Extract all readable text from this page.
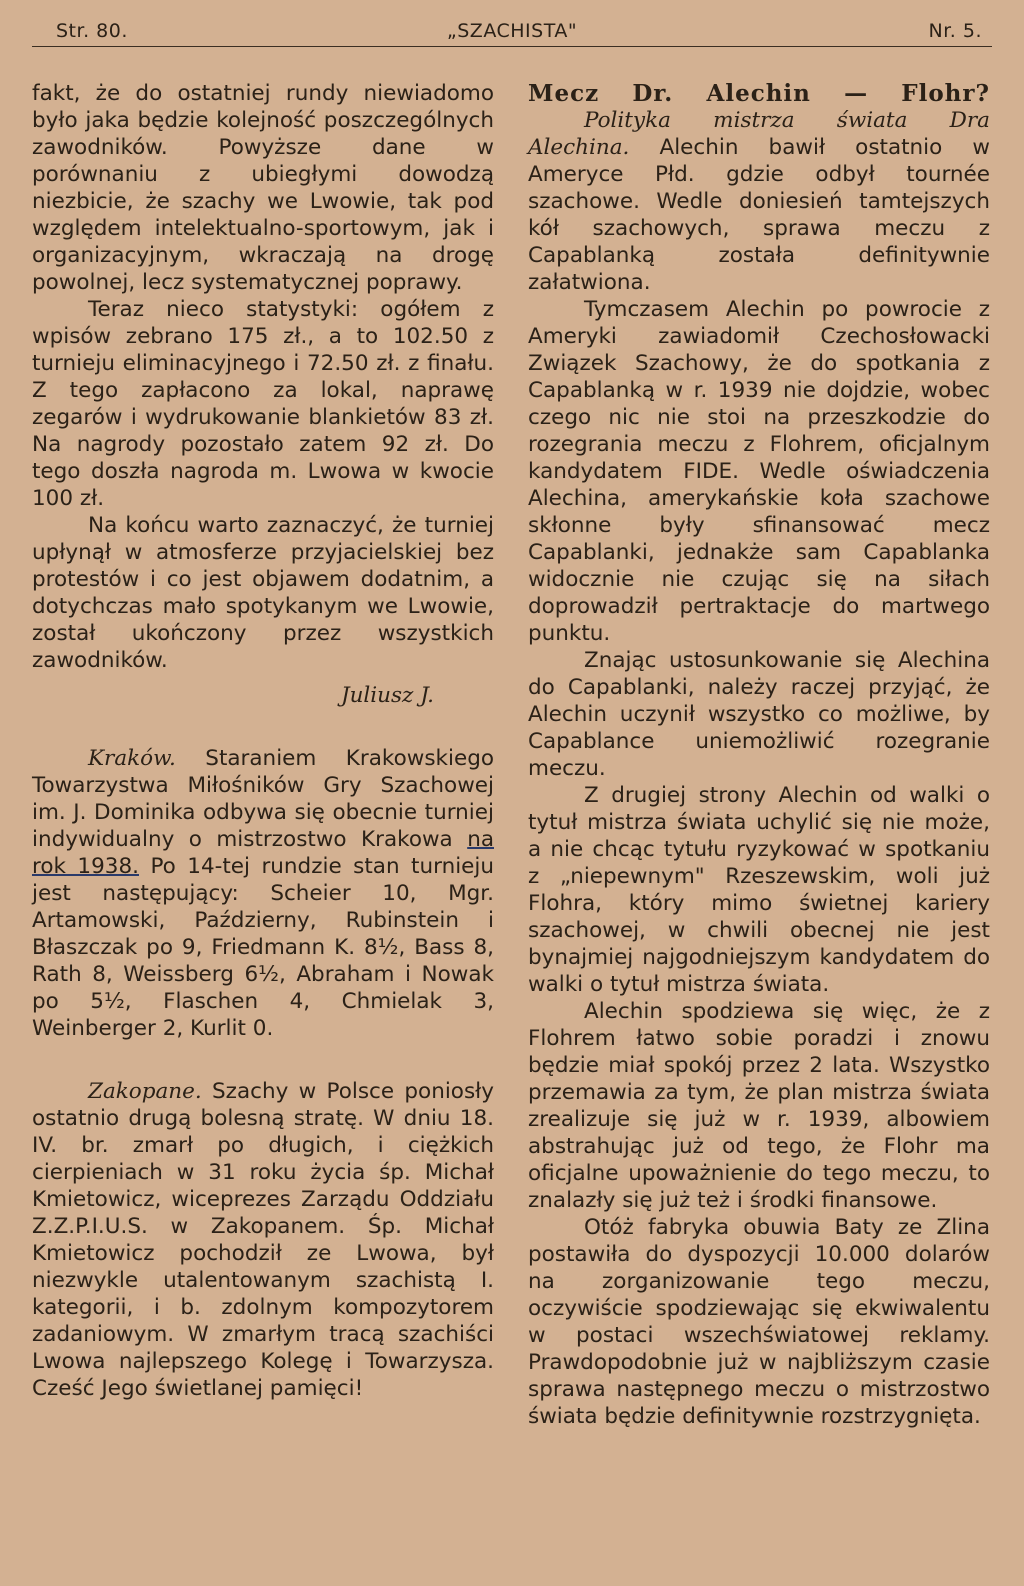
Str. 80.	„SZACHISTA"	Nr. 5.

fakt, że do ostatniej rundy niewiadomo było jaka będzie kolejność poszczególnych zawodników. Powyższe dane w porównaniu z ubiegłymi dowodzą niezbicie, że szachy we Lwowie, tak pod względem intelektualno-sportowym, jak i organizacyjnym, wkraczają na drogę powolnej, lecz systematycznej poprawy.

Teraz nieco statystyki: ogółem z wpisów zebrano 175 zł., a to 102.50 z turnieju eliminacyjnego i 72.50 zł. z finału. Z tego zapłacono za lokal, naprawę zegarów i wydrukowanie blankietów 83 zł. Na nagrody pozostało zatem 92 zł. Do tego doszła nagroda m. Lwowa w kwocie 100 zł.

Na końcu warto zaznaczyć, że turniej upłynął w atmosferze przyjacielskiej bez protestów i co jest objawem dodatnim, a dotychczas mało spotykanym we Lwowie, został ukończony przez wszystkich zawodników.

Juliusz J.

Kraków. Staraniem Krakowskiego Towarzystwa Miłośników Gry Szachowej im. J. Dominika odbywa się obecnie turniej indywidualny o mistrzostwo Krakowa na rok 1938. Po 14-tej rundzie stan turnieju jest następujący: Scheier 10, Mgr. Artamowski, Październy, Rubinstein i Błaszczak po 9, Friedmann K. 8½, Bass 8, Rath 8, Weissberg 6½, Abraham i Nowak po 5½, Flaschen 4, Chmielak 3, Weinberger 2, Kurlit 0.

Zakopane. Szachy w Polsce poniosły ostatnio drugą bolesną stratę. W dniu 18. IV. br. zmarł po długich, i ciężkich cierpieniach w 31 roku życia śp. Michał Kmietowicz, wiceprezes Zarządu Oddziału Z.Z.P.I.U.S. w Zakopanem. Śp. Michał Kmietowicz pochodził ze Lwowa, był niezwykle utalentowanym szachistą I. kategorii, i b. zdolnym kompozytorem zadaniowym. W zmarłym tracą szachiści Lwowa najlepszego Kolegę i Towarzysza. Cześć Jego świetlanej pamięci!

Mecz Dr. Alechin — Flohr?

Polityka mistrza świata Dra Alechina. Alechin bawił ostatnio w Ameryce Płd. gdzie odbył tournée szachowe. Wedle doniesień tamtejszych kół szachowych, sprawa meczu z Capablanką została definitywnie załatwiona.

Tymczasem Alechin po powrocie z Ameryki zawiadomił Czechosłowacki Związek Szachowy, że do spotkania z Capablanką w r. 1939 nie dojdzie, wobec czego nic nie stoi na przeszkodzie do rozegrania meczu z Flohrem, oficjalnym kandydatem FIDE. Wedle oświadczenia Alechina, amerykańskie koła szachowe skłonne były sfinansować mecz Capablanki, jednakże sam Capablanka widocznie nie czując się na siłach doprowadził pertraktacje do martwego punktu.

Znając ustosunkowanie się Alechina do Capablanki, należy raczej przyjąć, że Alechin uczynił wszystko co możliwe, by Capablance uniemożliwić rozegranie meczu.

Z drugiej strony Alechin od walki o tytuł mistrza świata uchylić się nie może, a nie chcąc tytułu ryzykować w spotkaniu z „niepewnym" Rzeszewskim, woli już Flohra, który mimo świetnej kariery szachowej, w chwili obecnej nie jest bynajmiej najgodniejszym kandydatem do walki o tytuł mistrza świata.

Alechin spodziewa się więc, że z Flohrem łatwo sobie poradzi i znowu będzie miał spokój przez 2 lata. Wszystko przemawia za tym, że plan mistrza świata zrealizuje się już w r. 1939, albowiem abstrahując już od tego, że Flohr ma oficjalne upoważnienie do tego meczu, to znalazły się już też i środki finansowe.

Otóż fabryka obuwia Baty ze Zlina postawiła do dyspozycji 10.000 dolarów na zorganizowanie tego meczu, oczywiście spodziewając się ekwiwalentu w postaci wszechświatowej reklamy. Prawdopodobnie już w najbliższym czasie sprawa następnego meczu o mistrzostwo świata będzie definitywnie rozstrzygnięta.
